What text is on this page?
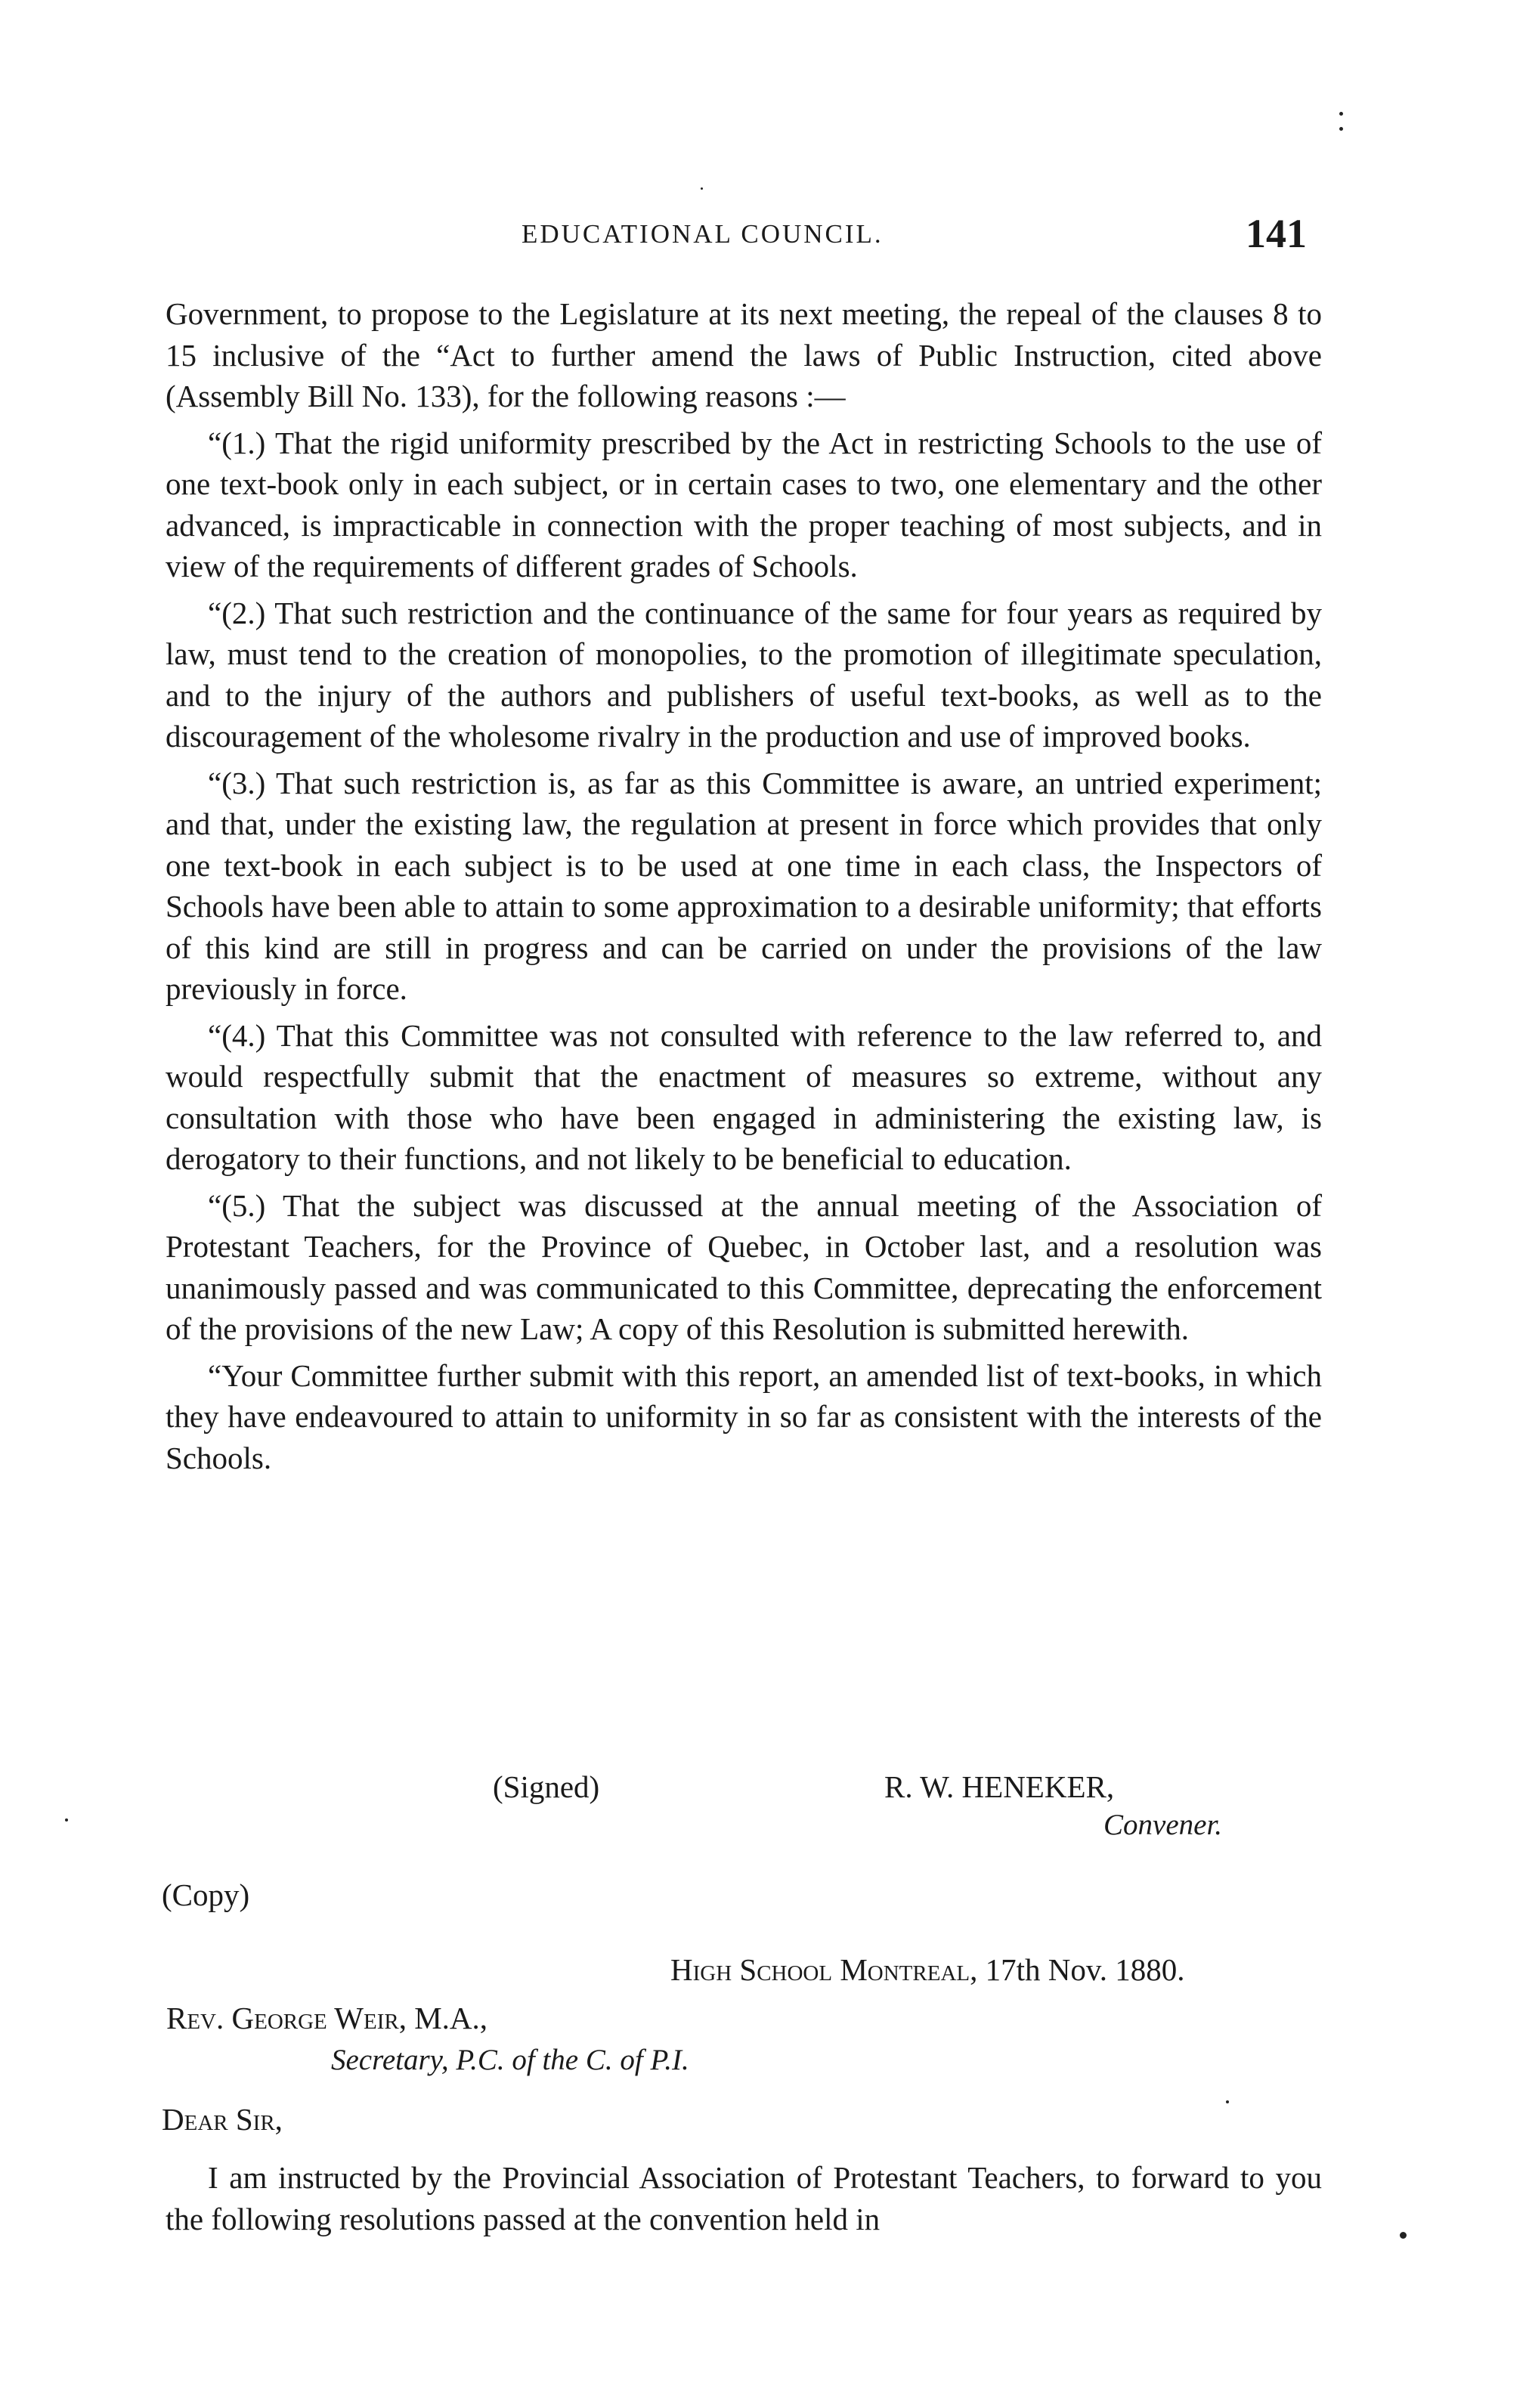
EDUCATIONAL COUNCIL.	141

Government, to propose to the Legislature at its next meeting, the repeal of the clauses 8 to 15 inclusive of the “Act to further amend the laws of Public Instruction, cited above (Assembly Bill No. 133), for the following reasons :—

“(1.) That the rigid uniformity prescribed by the Act in restricting Schools to the use of one text-book only in each subject, or in certain cases to two, one elementary and the other advanced, is impracticable in connection with the proper teaching of most subjects, and in view of the requirements of different grades of Schools.

“(2.) That such restriction and the continuance of the same for four years as required by law, must tend to the creation of monopolies, to the promotion of illegitimate speculation, and to the injury of the authors and publishers of useful text-books, as well as to the discouragement of the wholesome rivalry in the production and use of improved books.

“(3.) That such restriction is, as far as this Committee is aware, an untried experiment; and that, under the existing law, the regulation at present in force which provides that only one text-book in each subject is to be used at one time in each class, the Inspectors of Schools have been able to attain to some approximation to a desirable uniformity; that efforts of this kind are still in progress and can be carried on under the provisions of the law previously in force.

“(4.) That this Committee was not consulted with reference to the law referred to, and would respectfully submit that the enactment of measures so extreme, without any consultation with those who have been engaged in administering the existing law, is derogatory to their functions, and not likely to be beneficial to education.

“(5.) That the subject was discussed at the annual meeting of the Association of Protestant Teachers, for the Province of Quebec, in October last, and a resolution was unanimously passed and was communicated to this Committee, deprecating the enforcement of the provisions of the new Law; A copy of this Resolution is submitted herewith.

“Your Committee further submit with this report, an amended list of text-books, in which they have endeavoured to attain to uniformity in so far as consistent with the interests of the Schools.

(Signed)	R. W. HENEKER,
Convener.
(Copy)
High School Montreal, 17th Nov. 1880.
Rev. George Weir, M.A.,
Secretary, P.C. of the C. of P.I.
Dear Sir,
I am instructed by the Provincial Association of Protestant Teachers, to forward to you the following resolutions passed at the convention held in
